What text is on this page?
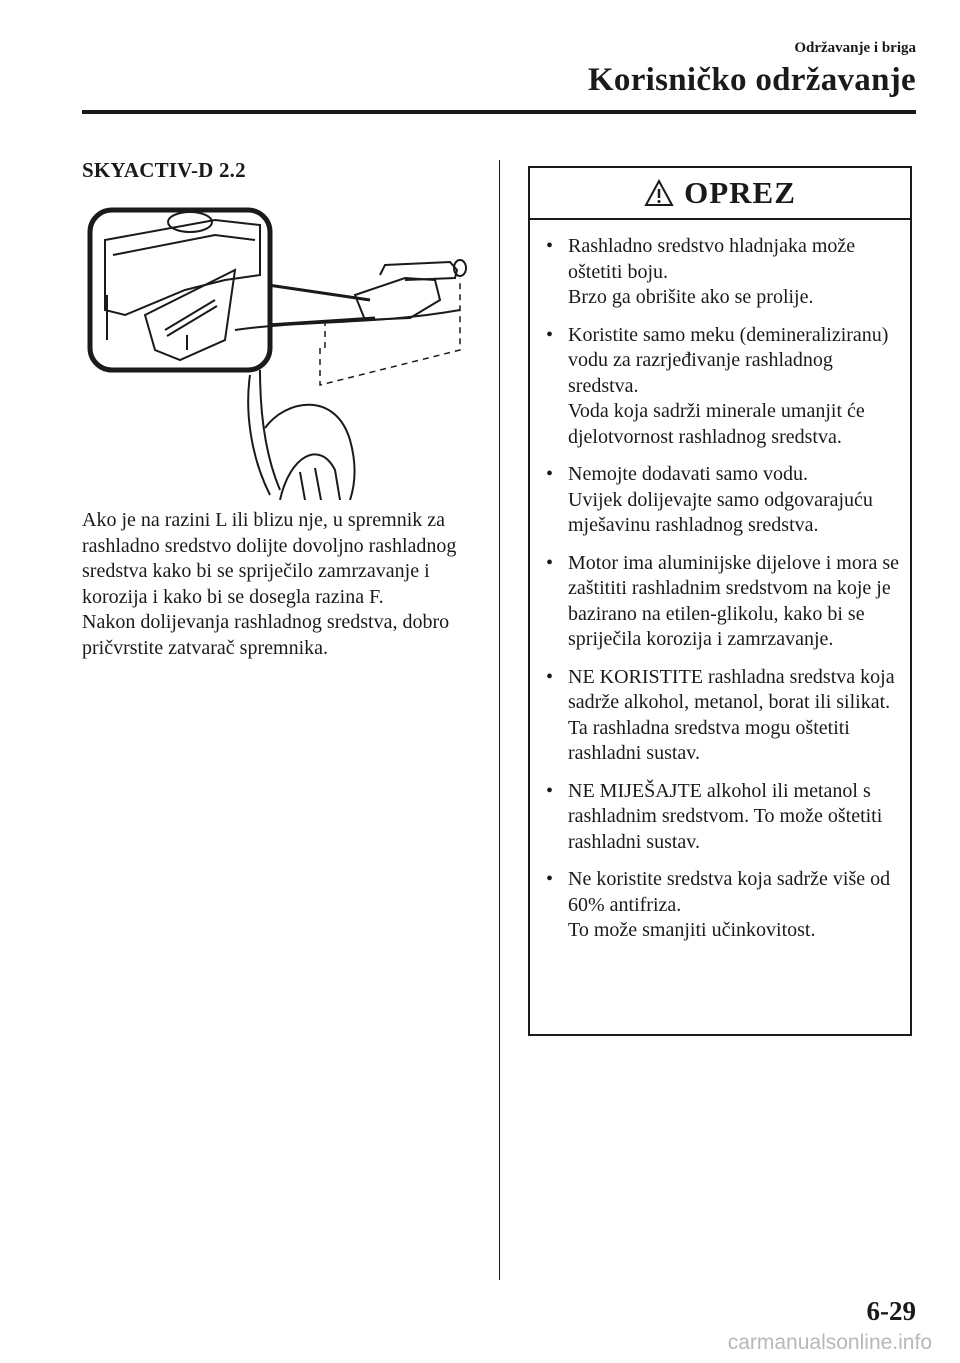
Održavanje i briga
Korisničko održavanje
SKYACTIV-D 2.2

Ako je na razini L ili blizu nje, u spremnik za rashladno sredstvo dolijte dovoljno rashladnog sredstva kako bi se spriječilo zamrzavanje i korozija i kako bi se dosegla razina F.

Nakon dolijevanja rashladnog sredstva, dobro pričvrstite zatvarač spremnika.

OPREZ
• Rashladno sredstvo hladnjaka može oštetiti boju.

Brzo ga obrišite ako se prolije.

• Koristite samo meku (demineraliziranu) vodu za razrjeđivanje rashladnog sredstva.

Voda koja sadrži minerale umanjit će djelotvornost rashladnog sredstva.

• Nemojte dodavati samo vodu.

Uvijek dolijevajte samo odgovarajuću mješavinu rashladnog sredstva.

• Motor ima aluminijske dijelove i mora se zaštititi rashladnim sredstvom na koje je bazirano na etilen-glikolu, kako bi se spriječila korozija i zamrzavanje.

• NE KORISTITE rashladna sredstva koja sadrže alkohol, metanol, borat ili silikat.

Ta rashladna sredstva mogu oštetiti rashladni sustav.

• NE MIJEŠAJTE alkohol ili metanol s rashladnim sredstvom. To može oštetiti rashladni sustav.

• Ne koristite sredstva koja sadrže više od 60% antifriza.

To može smanjiti učinkovitost.

6-29
carmanualsonline.info
